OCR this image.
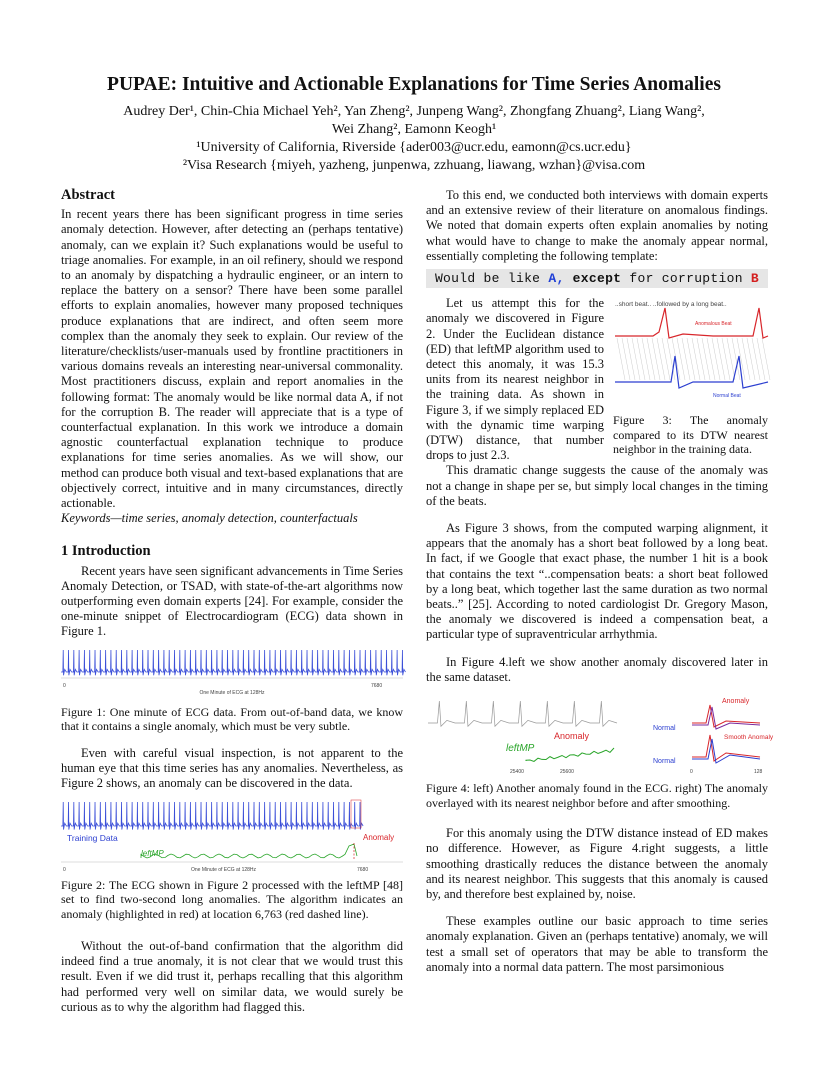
PUPAE: Intuitive and Actionable Explanations for Time Series Anomalies
Audrey Der¹, Chin-Chia Michael Yeh², Yan Zheng², Junpeng Wang², Zhongfang Zhuang², Liang Wang²,
Wei Zhang², Eamonn Keogh¹
¹University of California, Riverside {ader003@ucr.edu, eamonn@cs.ucr.edu}
²Visa Research {miyeh, yazheng, junpenwa, zzhuang, liawang, wzhan}@visa.com
Abstract

In recent years there has been significant progress in time series anomaly detection. However, after detecting an (perhaps tentative) anomaly, can we explain it? Such explanations would be useful to triage anomalies. For example, in an oil refinery, should we respond to an anomaly by dispatching a hydraulic engineer, or an intern to replace the battery on a sensor? There have been some parallel efforts to explain anomalies, however many proposed techniques produce explanations that are indirect, and often seem more complex than the anomaly they seek to explain. Our review of the literature/checklists/user-manuals used by frontline practitioners in various domains reveals an interesting near-universal commonality. Most practitioners discuss, explain and report anomalies in the following format: The anomaly would be like normal data A, if not for the corruption B. The reader will appreciate that is a type of counterfactual explanation. In this work we introduce a domain agnostic counterfactual explanation technique to produce explanations for time series anomalies. As we will show, our method can produce both visual and text-based explanations that are objectively correct, intuitive and in many circumstances, directly actionable.

Keywords—time series, anomaly detection, counterfactuals

1 Introduction

Recent years have seen significant advancements in Time Series Anomaly Detection, or TSAD, with state-of-the-art algorithms now outperforming even domain experts [24]. For example, consider the one-minute snippet of Electrocardiogram (ECG) data shown in Figure 1.

0	7680
One Minute of ECG at 128Hz

Figure 1: One minute of ECG data. From out-of-band data, we know that it contains a single anomaly, which must be very subtle.

Even with careful visual inspection, is not apparent to the human eye that this time series has any anomalies. Nevertheless, as Figure 2 shows, an anomaly can be discovered in the data.

Training Data	Anomaly
leftMP
0	7680
One Minute of ECG at 128Hz

Figure 2: The ECG shown in Figure 2 processed with the leftMP [48] set to find two-second long anomalies. The algorithm indicates an anomaly (highlighted in red) at location 6,763 (red dashed line).

Without the out-of-band confirmation that the algorithm did indeed find a true anomaly, it is not clear that we would trust this result. Even if we did trust it, perhaps recalling that this algorithm had performed very well on similar data, we would surely be curious as to why the algorithm had flagged this.

To this end, we conducted both interviews with domain experts and an extensive review of their literature on anomalous findings. We noted that domain experts often explain anomalies by noting what would have to change to make the anomaly appear normal, essentially completing the following template:

Would be like A, except for corruption B

Let us attempt this for the anomaly we discovered in Figure 2. Under the Euclidean distance (ED) that leftMP algorithm used to detect this anomaly, it was 15.3 units from its nearest neighbor in the training data. As shown in Figure 3, if we simply replaced ED with the dynamic time warping (DTW) distance, that number drops to just 2.3.

..short beat.. ..followed by a long beat..
Anomalous Beat
Normal Beat

Figure 3: The anomaly compared to its DTW nearest neighbor in the training data.

This dramatic change suggests the cause of the anomaly was not a change in shape per se, but simply local changes in the timing of the beats.

As Figure 3 shows, from the computed warping alignment, it appears that the anomaly has a short beat followed by a long beat. In fact, if we Google that exact phase, the number 1 hit is a book that contains the text “..compensation beats: a short beat followed by a long beat, which together last the same duration as two normal beats..” [25]. According to noted cardiologist Dr. Gregory Mason, the anomaly we discovered is indeed a compensation beat, a particular type of supraventricular arrhythmia.

In Figure 4.left we show another anomaly discovered later in the same dataset.

leftMP
Anomaly
25400	25600
Anomaly
Normal
Smooth Anomaly
Normal
0	128

Figure 4: left) Another anomaly found in the ECG. right) The anomaly overlayed with its nearest neighbor before and after smoothing.

For this anomaly using the DTW distance instead of ED makes no difference. However, as Figure 4.right suggests, a little smoothing drastically reduces the distance between the anomaly and its nearest neighbor. This suggests that this anomaly is caused by, and therefore best explained by, noise.

These examples outline our basic approach to time series anomaly explanation. Given an (perhaps tentative) anomaly, we will test a small set of operators that may be able to transform the anomaly into a normal data pattern. The most parsimonious
